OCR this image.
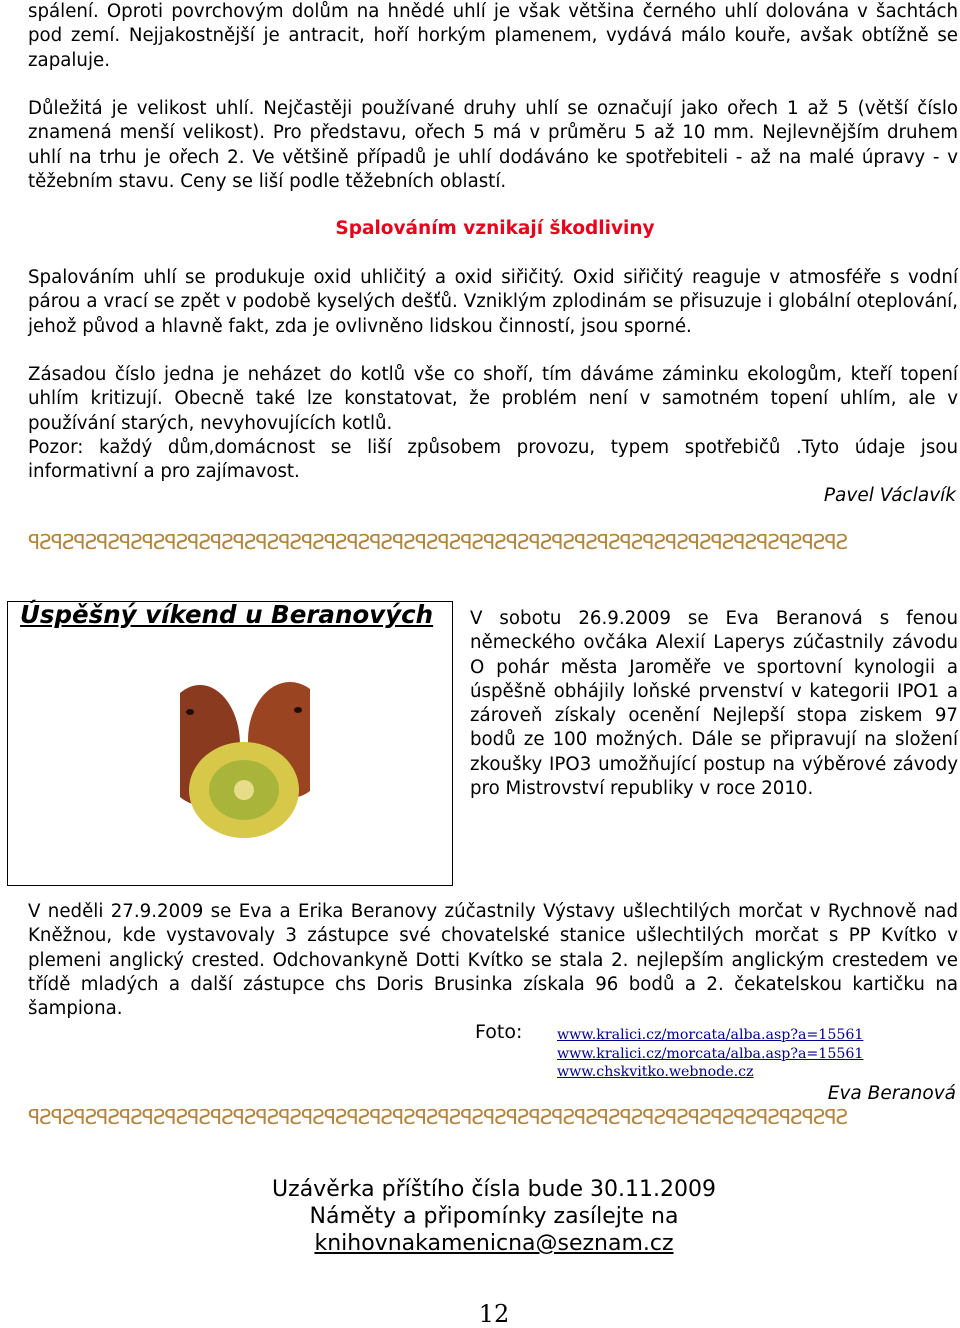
spálení. Oproti povrchovým dolům na hnědé uhlí je však většina černého uhlí dolována v šachtách pod zemí. Nejjakostnější je antracit, hoří horkým plamenem, vydává málo kouře, avšak obtížně se zapaluje.

Důležitá je velikost uhlí. Nejčastěji používané druhy uhlí se označují jako ořech 1 až 5 (větší číslo znamená menší velikost). Pro představu, ořech 5 má v průměru 5 až 10 mm. Nejlevnějším druhem uhlí na trhu je ořech 2. Ve většině případů je uhlí dodáváno ke spotřebiteli - až na malé úpravy - v těžebním stavu. Ceny se liší podle těžebních oblastí.

Spalováním vznikají škodliviny

Spalováním uhlí se produkuje oxid uhličitý a oxid siřičitý. Oxid siřičitý reaguje v atmosféře s vodní párou a vrací se zpět v podobě kyselých dešťů. Vzniklým zplodinám se přisuzuje i globální oteplování, jehož původ a hlavně fakt, zda je ovlivněno lidskou činností, jsou sporné.

Zásadou číslo jedna je neházet do kotlů vše co shoří, tím dáváme záminku ekologům, kteří topení uhlím kritizují. Obecně také lze konstatovat, že problém není v samotném topení uhlím, ale v používání starých, nevyhovujících kotlů.

Pozor: každý dům,domácnost se liší způsobem provozu, typem spotřebičů .Tyto údaje jsou informativní a pro zajímavost.

Pavel Václavík
ꟼƧꟼƧꟼƧꟼƧꟼƧꟼƧꟼƧꟼƧꟼƧꟼƧꟼƧꟼƧꟼƧꟼƧꟼƧꟼƧꟼƧꟼƧꟼƧꟼƧꟼƧꟼƧꟼƧꟼƧꟼƧꟼƧꟼƧꟼƧꟼƧꟼƧꟼƧꟼƧꟼƧꟼƧꟼƧꟼƧ
Úspěšný víkend u Beranových V sobotu 26.9.2009 se Eva Beranová s fenou německého ovčáka Alexií Laperys zúčastnily závodu O pohár města Jaroměře ve sportovní kynologii a úspěšně obhájily loňské prvenství v kategorii IPO1 a zároveň získaly ocenění Nejlepší stopa ziskem 97 bodů ze 100 možných. Dále se připravují na složení zkoušky IPO3 umožňující postup na výběrové závody pro Mistrovství republiky v roce 2010.

V neděli 27.9.2009 se Eva a Erika Beranovy zúčastnily Výstavy ušlechtilých morčat v Rychnově nad Kněžnou, kde vystavovaly 3 zástupce své chovatelské stanice ušlechtilých morčat s PP Kvítko v plemeni anglický crested. Odchovankyně Dotti Kvítko se stala 2. nejlepším anglickým crestedem ve třídě mladých a další zástupce chs Doris Brusinka získala 96 bodů a 2. čekatelskou kartičku na šampiona.

Foto: www.kralici.cz/morcata/alba.asp?a=15561
www.kralici.cz/morcata/alba.asp?a=15561
www.chskvitko.webnode.cz
Eva Beranová
ꟼƧꟼƧꟼƧꟼƧꟼƧꟼƧꟼƧꟼƧꟼƧꟼƧꟼƧꟼƧꟼƧꟼƧꟼƧꟼƧꟼƧꟼƧꟼƧꟼƧꟼƧꟼƧꟼƧꟼƧꟼƧꟼƧꟼƧꟼƧꟼƧꟼƧꟼƧꟼƧꟼƧꟼƧꟼƧꟼƧ
Uzávěrka příštího čísla bude 30.11.2009
Náměty a připomínky zasílejte na
knihovnakamenicna@seznam.cz
12
